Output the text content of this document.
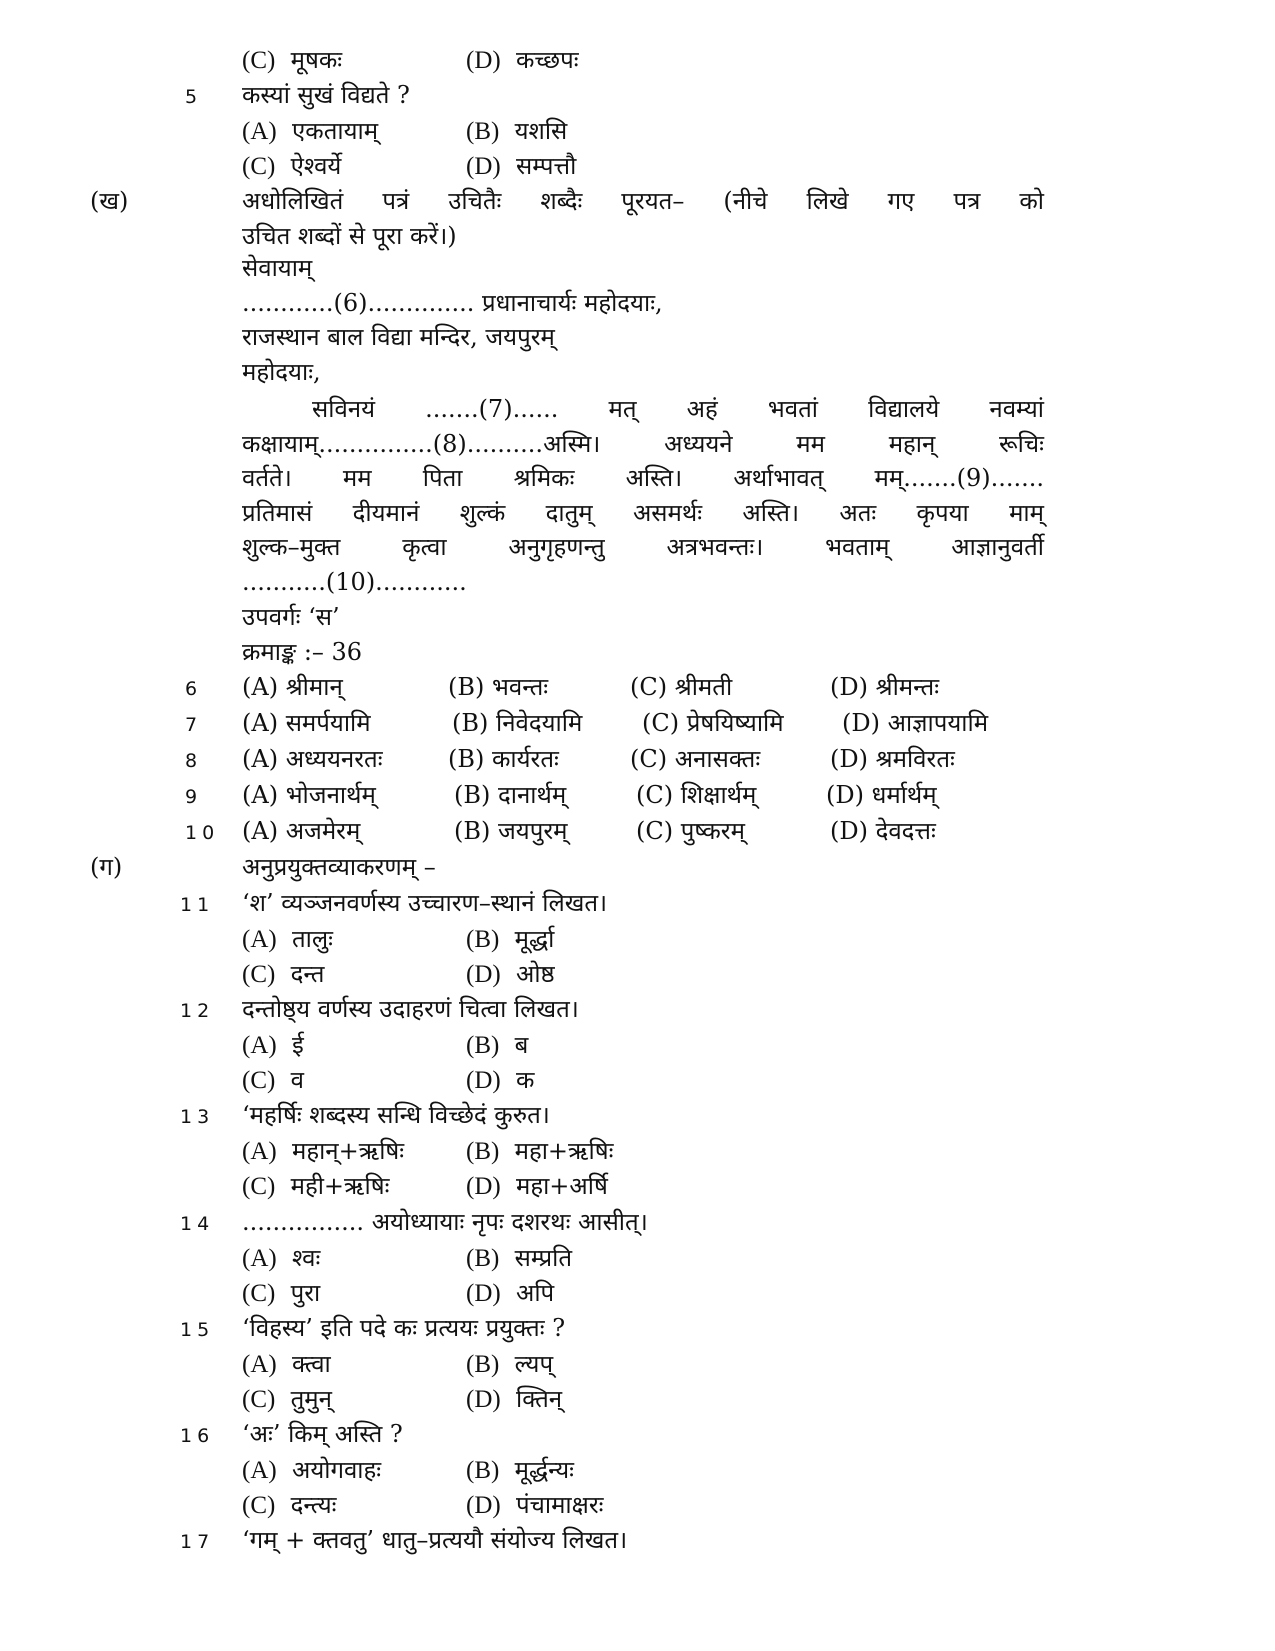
(C) मूषकः	(D) कच्छपः
5 कस्यां सुखं विद्यते ?
(A) एकतायाम्	(B) यशसि
(C) ऐश्वर्ये	(D) सम्पत्तौ
(ख)	अधोलिखितं पत्रं उचितैः शब्दैः पूरयत– (नीचे लिखे गए पत्र को
उचित शब्दों से पूरा करें।)
सेवायाम्
............(6).............. प्रधानाचार्यः महोदयाः,
राजस्थान बाल विद्या मन्दिर, जयपुरम्
महोदयाः,
सविनयं .......(7)...... मत् अहं भवतां विद्यालये नवम्यां
कक्षायाम्...............(8)..........अस्मि। अध्ययने मम महान् रूचिः
वर्तते। मम पिता श्रमिकः अस्ति। अर्थाभावत् मम्.......(9).......
प्रतिमासं दीयमानं शुल्कं दातुम् असमर्थः अस्ति। अतः कृपया माम्
शुल्क–मुक्त कृत्वा अनुगृहणन्तु अत्रभवन्तः। भवताम् आज्ञानुवर्ती
...........(10)............
उपवर्गः ‘स’
क्रमाङ्क :– 36
6 (A) श्रीमान्	(B) भवन्तः	(C) श्रीमती	(D) श्रीमन्तः
7 (A) समर्पयामि	(B) निवेदयामि (C) प्रेषयिष्यामि (D) आज्ञापयामि
8 (A) अध्ययनरतः	(B) कार्यरतः	(C) अनासक्तः	(D) श्रमविरतः
9 (A) भोजनार्थम्	(B) दानार्थम्	(C) शिक्षार्थम्	(D) धर्मार्थम्
10 (A) अजमेरम्	(B) जयपुरम्	(C) पुष्करम्	(D) देवदत्तः
(ग)	अनुप्रयुक्तव्याकरणम् –
11 ‘श’ व्यञ्जनवर्णस्य उच्चारण–स्थानं लिखत।
(A) तालुः	(B) मूर्द्धा
(C) दन्त	(D) ओष्ठ
12 दन्तोष्ठ्य वर्णस्य उदाहरणं चित्वा लिखत।
(A) ई	(B) ब
(C) व	(D) क
13 ‘महर्षिः शब्दस्य सन्धि विच्छेदं कुरुत।
(A) महान्+ऋषिः (B) महा+ऋषिः
(C) मही+ऋषिः	(D) महा+अर्षि
14 ................ अयोध्यायाः नृपः दशरथः आसीत्।
(A) श्वः	(B) सम्प्रति
(C) पुरा	(D) अपि
15 ‘विहस्य’ इति पदे कः प्रत्ययः प्रयुक्तः ?
(A) क्त्वा	(B) ल्यप्
(C) तुमुन्	(D) क्तिन्
16 ‘अः’ किम् अस्ति ?
(A) अयोगवाहः	(B) मूर्द्धन्यः
(C) दन्त्यः	(D) पंचामाक्षरः
17 ‘गम् + क्तवतु’ धातु–प्रत्ययौ संयोज्य लिखत।
